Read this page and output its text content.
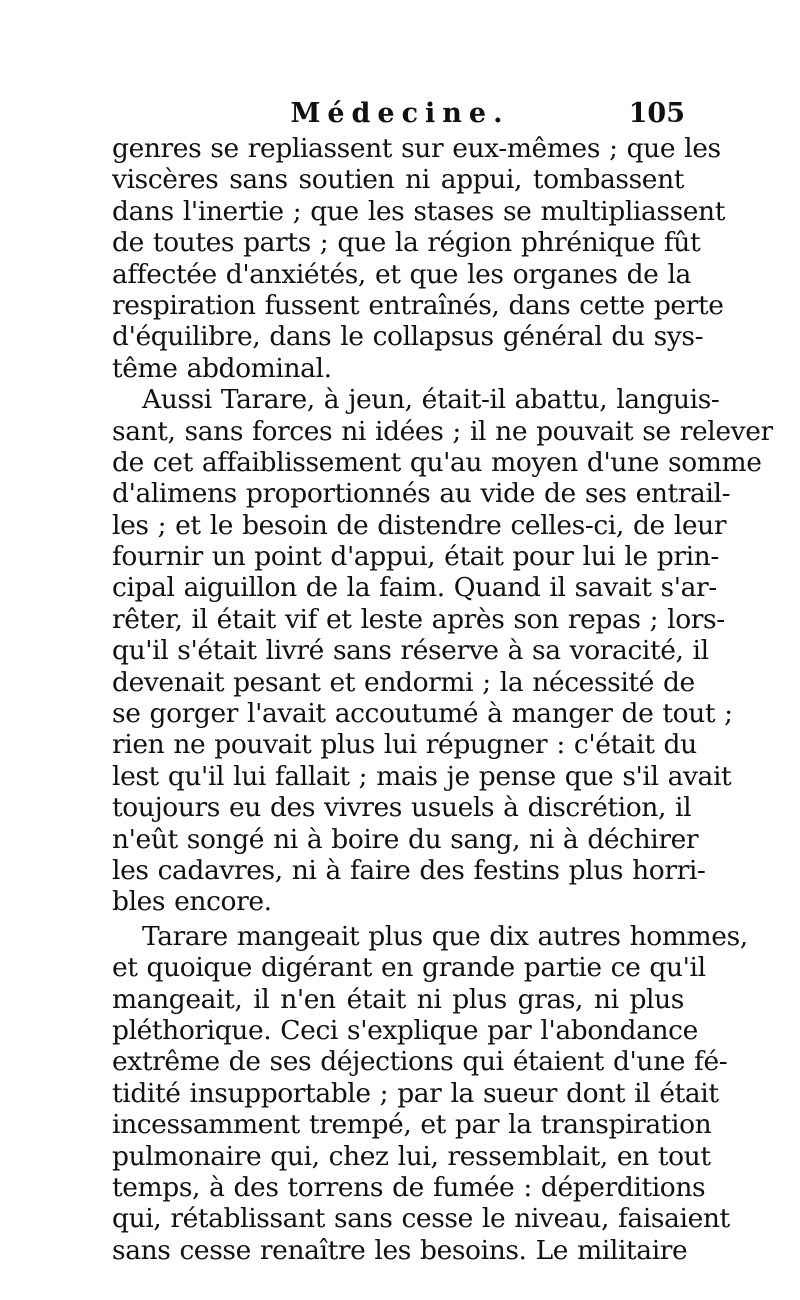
Médecine.	105
genres se repliassent sur eux-mêmes ; que les
viscères sans soutien ni appui, tombassent
dans l'inertie ; que les stases se multipliassent
de toutes parts ; que la région phrénique fût
affectée d'anxiétés, et que les organes de la
respiration fussent entraînés, dans cette perte
d'équilibre, dans le collapsus général du sys-
tême abdominal.
Aussi Tarare, à jeun, était-il abattu, languis-
sant, sans forces ni idées ; il ne pouvait se relever
de cet affaiblissement qu'au moyen d'une somme
d'alimens proportionnés au vide de ses entrail-
les ; et le besoin de distendre celles-ci, de leur
fournir un point d'appui, était pour lui le prin-
cipal aiguillon de la faim. Quand il savait s'ar-
rêter, il était vif et leste après son repas ; lors-
qu'il s'était livré sans réserve à sa voracité, il
devenait pesant et endormi ; la nécessité de
se gorger l'avait accoutumé à manger de tout ;
rien ne pouvait plus lui répugner : c'était du
lest qu'il lui fallait ; mais je pense que s'il avait
toujours eu des vivres usuels à discrétion, il
n'eût songé ni à boire du sang, ni à déchirer
les cadavres, ni à faire des festins plus horri-
bles encore.
Tarare mangeait plus que dix autres hommes,
et quoique digérant en grande partie ce qu'il
mangeait, il n'en était ni plus gras, ni plus
pléthorique. Ceci s'explique par l'abondance
extrême de ses déjections qui étaient d'une fé-
tidité insupportable ; par la sueur dont il était
incessamment trempé, et par la transpiration
pulmonaire qui, chez lui, ressemblait, en tout
temps, à des torrens de fumée : déperditions
qui, rétablissant sans cesse le niveau, faisaient
sans cesse renaître les besoins. Le militaire
